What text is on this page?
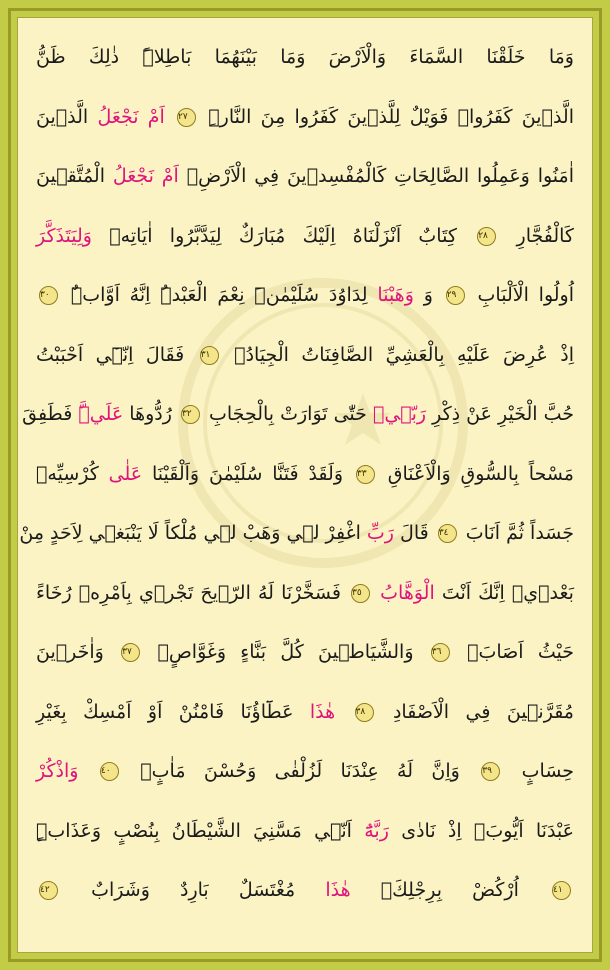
وَمَا خَلَقْنَا السَّمَاءَ وَالْاَرْضَ وَمَا بَيْنَهُمَا بَاطِلاًۜ ذٰلِكَ ظَنُّ
الَّذٖينَ كَفَرُواۚ فَوَيْلٌ لِلَّذٖينَ كَفَرُوا مِنَ النَّارِۜ ٢٧ اَمْ نَجْعَلُ الَّذٖينَ
اٰمَنُوا وَعَمِلُوا الصَّالِحَاتِ كَالْمُفْسِدٖينَ فِي الْاَرْضِۘ اَمْ نَجْعَلُ الْمُتَّقٖينَ
كَالْفُجَّارِ ٢٨ كِتَابٌ اَنْزَلْنَاهُ اِلَيْكَ مُبَارَكٌ لِيَدَّبَّرُوا اٰيَاتِهٖ وَلِيَتَذَكَّرَ
اُولُوا الْاَلْبَابِ ٢٩ وَ وَهَبْنَا لِدَاوُدَ سُلَيْمٰنَۜ نِعْمَ الْعَبْدُۜ اِنَّهُ اَوَّابٌۜ ٣٠
اِذْ عُرِضَ عَلَيْهِ بِالْعَشِيِّ الصَّافِنَاتُ الْجِيَادُۙ ٣١ فَقَالَ اِنّٖٓي اَحْبَبْتُ
حُبَّ الْخَيْرِ عَنْ ذِكْرِ رَبّٖيۚ حَتّٰى تَوَارَتْ بِالْحِجَابِ ٣٢ رُدُّوهَا عَلَيَّۜ فَطَفِقَ
مَسْحاً بِالسُّوقِ وَالْاَعْنَاقِ ٣٣ وَلَقَدْ فَتَنَّا سُلَيْمٰنَ وَاَلْقَيْنَا عَلٰى كُرْسِيِّهٖ
جَسَداً ثُمَّ اَنَابَ ٣٤ قَالَ رَبِّ اغْفِرْ لٖي وَهَبْ لٖي مُلْكاً لَا يَنْبَغٖي لِاَحَدٍ مِنْ
بَعْدٖيۚ اِنَّكَ اَنْتَ الْوَهَّابُ ٣٥ فَسَخَّرْنَا لَهُ الرّٖيحَ تَجْرٖي بِاَمْرِهٖ رُخَاءً
حَيْثُ اَصَابَۙ ٣٦ وَالشَّيَاطٖينَ كُلَّ بَنَّاءٍ وَغَوَّاصٍۙ ٣٧ وَاٰخَرٖينَ
مُقَرَّنٖينَ فِي الْاَصْفَادِ ٣٨ هٰذَا عَطَٓاؤُنَا فَامْنُنْ اَوْ اَمْسِكْ بِغَيْرِ
حِسَابٍ ٣٩ وَاِنَّ لَهُ عِنْدَنَا لَزُلْفٰى وَحُسْنَ مَاٰبٍۚ ٤٠ وَاذْكُرْ
عَبْدَنَا اَيُّوبَۢ اِذْ نَادٰى رَبَّهُٓ اَنّٖي مَسَّنِيَ الشَّيْطَانُ بِنُصْبٍ وَعَذَابٍۜ
٤١ اُرْكُضْ بِرِجْلِكَۚ هٰذَا مُغْتَسَلٌ بَارِدٌ وَشَرَابٌ ٤٢
